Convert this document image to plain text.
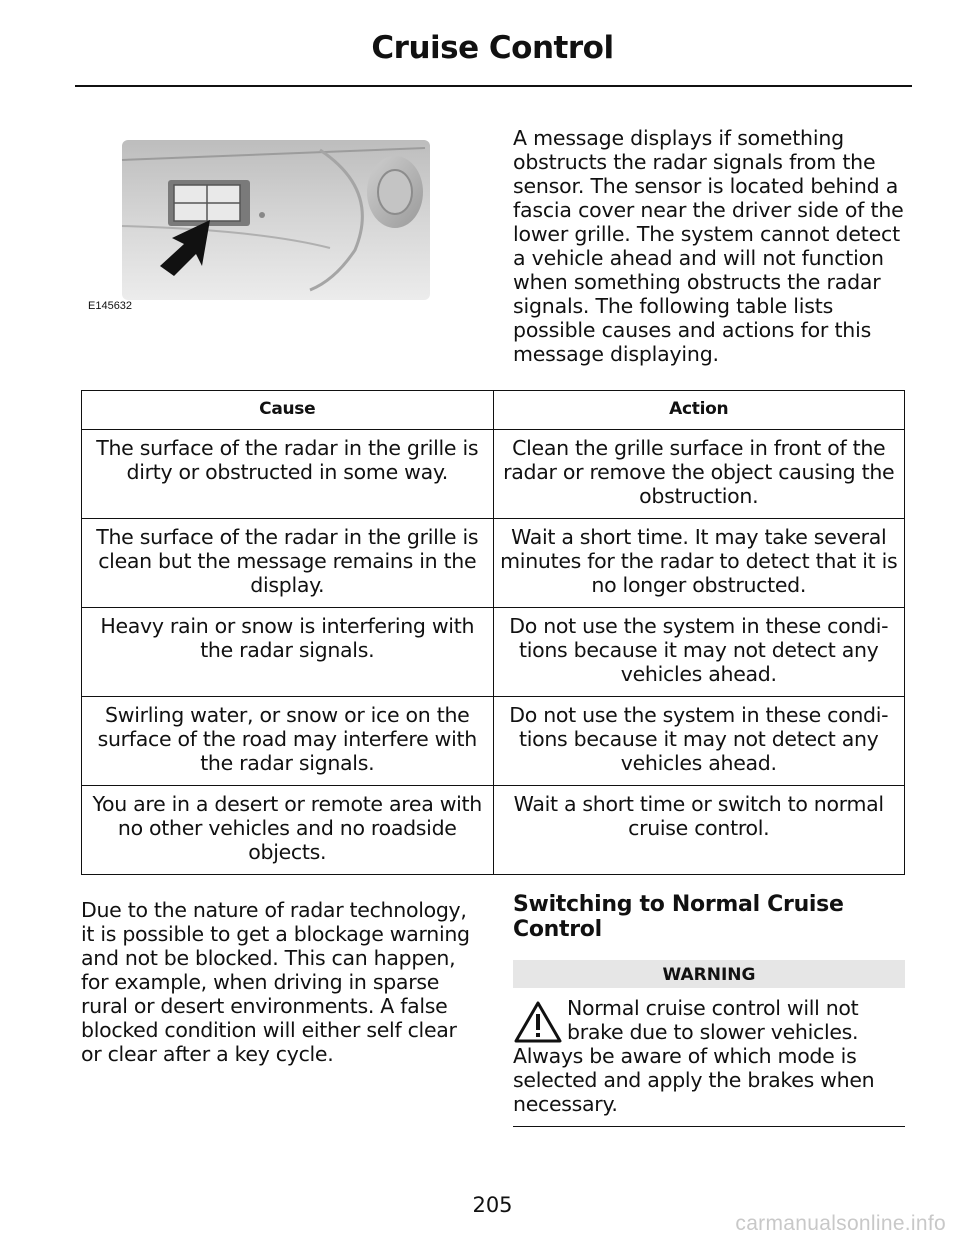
Cruise Control
E145632
A message displays if something obstructs the radar signals from the sensor. The sensor is located behind a fascia cover near the driver side of the lower grille. The system cannot detect a vehicle ahead and will not function when something obstructs the radar signals. The following table lists possible causes and actions for this message displaying.
Cause	Action
The surface of the radar in the grille is dirty or obstructed in some way.	Clean the grille surface in front of the radar or remove the object causing the obstruction.
The surface of the radar in the grille is clean but the message remains in the display.	Wait a short time. It may take several minutes for the radar to detect that it is no longer obstructed.
Heavy rain or snow is interfering with the radar signals.	Do not use the system in these condi-tions because it may not detect any vehicles ahead.
Swirling water, or snow or ice on the surface of the road may interfere with the radar signals.	Do not use the system in these condi-tions because it may not detect any vehicles ahead.
You are in a desert or remote area with no other vehicles and no roadside objects.	Wait a short time or switch to normal cruise control.
Due to the nature of radar technology, it is possible to get a blockage warning and not be blocked. This can happen, for example, when driving in sparse rural or desert environments. A false blocked condition will either self clear or clear after a key cycle.
Switching to Normal Cruise Control
WARNING
Normal cruise control will not
brake due to slower vehicles.
Always be aware of which mode is selected and apply the brakes when necessary.
205
carmanualsonline.info
